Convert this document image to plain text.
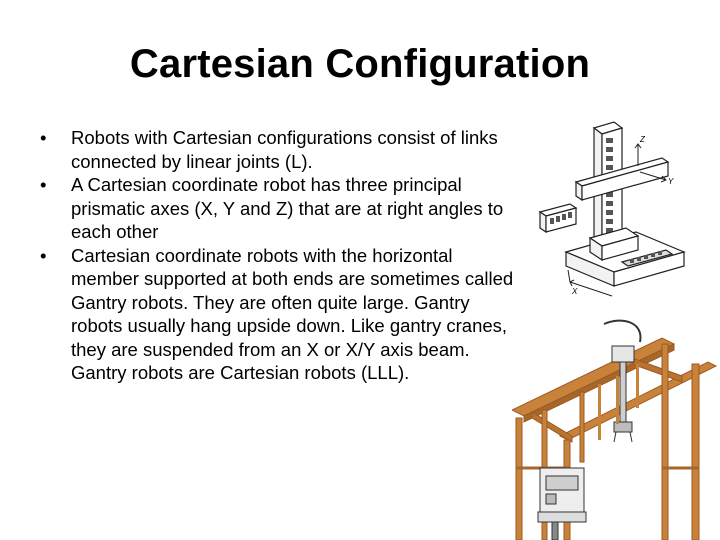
Cartesian Configuration
•	Robots with Cartesian configurations consist of links connected by linear joints (L).
•	A Cartesian coordinate robot has three principal prismatic axes (X, Y and Z) that are at right angles to each other
•	Cartesian coordinate robots with the horizontal member supported at both ends are sometimes called Gantry robots. They are often quite large. Gantry robots usually hang upside down. Like gantry cranes, they are suspended from an X or X/Y axis beam. Gantry robots are Cartesian robots (LLL).
Z
Y
X
